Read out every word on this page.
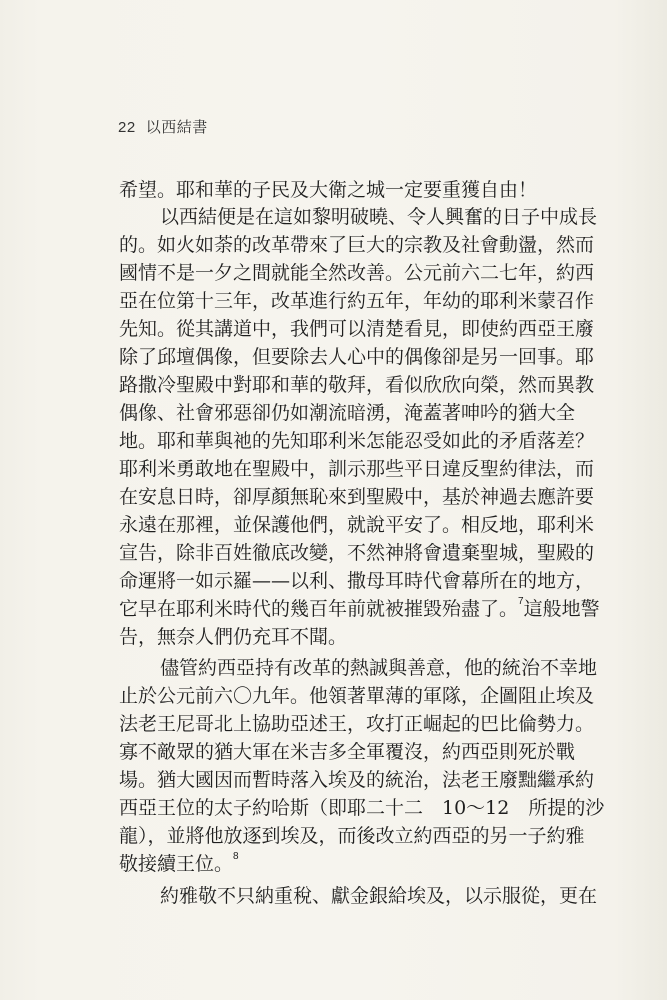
22 以西結書
希望。耶和華的子民及大衛之城一定要重獲自由！
以西結便是在這如黎明破曉、令人興奮的日子中成長
的。如火如荼的改革帶來了巨大的宗教及社會動盪，然而
國情不是一夕之間就能全然改善。公元前六二七年，約西
亞在位第十三年，改革進行約五年，年幼的耶利米蒙召作
先知。從其講道中，我們可以清楚看見，即使約西亞王廢
除了邱壇偶像，但要除去人心中的偶像卻是另一回事。耶
路撒冷聖殿中對耶和華的敬拜，看似欣欣向榮，然而異教
偶像、社會邪惡卻仍如潮流暗湧，淹蓋著呻吟的猶大全
地。耶和華與祂的先知耶利米怎能忍受如此的矛盾落差？
耶利米勇敢地在聖殿中，訓示那些平日違反聖約律法，而
在安息日時，卻厚顏無恥來到聖殿中，基於神過去應許要
永遠在那裡，並保護他們，就說平安了。相反地，耶利米
宣告，除非百姓徹底改變，不然神將會遺棄聖城，聖殿的
命運將一如示羅——以利、撒母耳時代會幕所在的地方，
它早在耶利米時代的幾百年前就被摧毀殆盡了。$^7$這般地警
告，無奈人們仍充耳不聞。
儘管約西亞持有改革的熱誠與善意，他的統治不幸地
止於公元前六〇九年。他領著單薄的軍隊，企圖阻止埃及
法老王尼哥北上協助亞述王，攻打正崛起的巴比倫勢力。
寡不敵眾的猶大軍在米吉多全軍覆沒，約西亞則死於戰
場。猶大國因而暫時落入埃及的統治，法老王廢黜繼承約
西亞王位的太子約哈斯（即耶二十二　10～12　所提的沙
龍），並將他放逐到埃及，而後改立約西亞的另一子約雅
敬接續王位。$^8$
約雅敬不只納重稅、獻金銀給埃及，以示服從，更在
